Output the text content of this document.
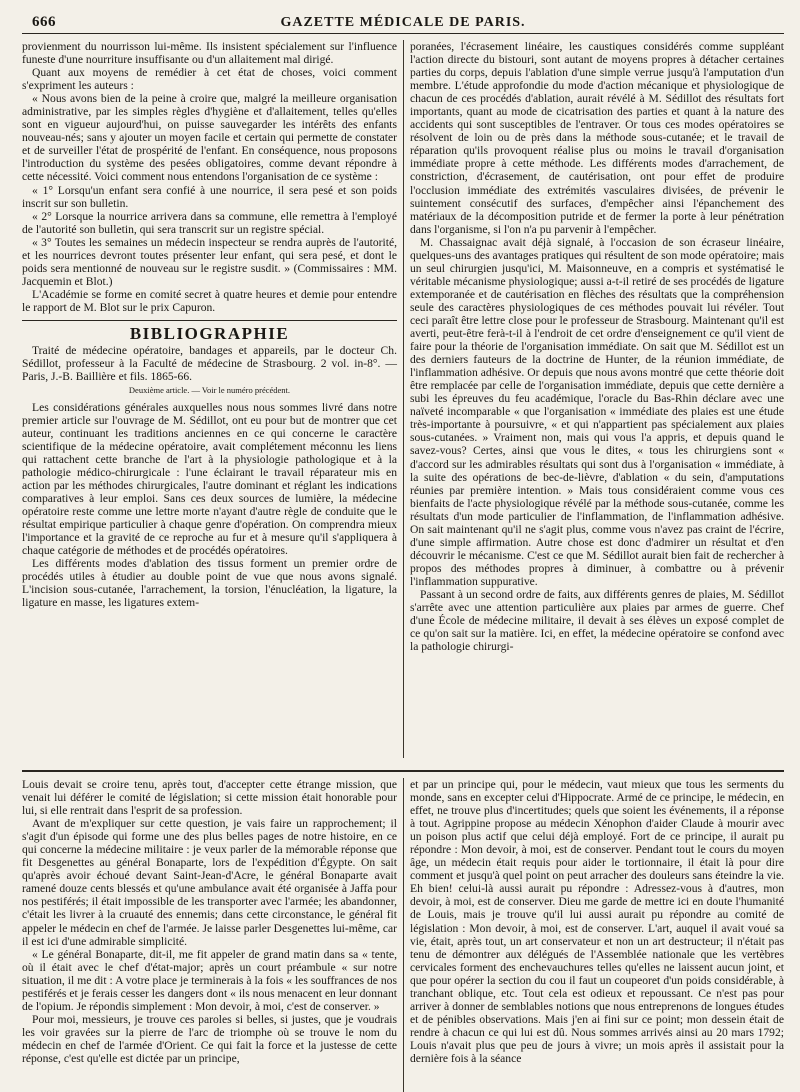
666	GAZETTE MÉDICALE DE PARIS.

provienment du nourrisson lui-même. Ils insistent spécialement sur l'influence funeste d'une nourriture insuffisante ou d'un allaitement mal dirigé.

Quant aux moyens de remédier à cet état de choses, voici comment s'expriment les auteurs :

« Nous avons bien de la peine à croire que, malgré la meilleure organisation administrative, par les simples règles d'hygiène et d'allaitement, telles qu'elles sont en vigueur aujourd'hui, on puisse sauvegarder les intérêts des enfants nouveau-nés; sans y ajouter un moyen facile et certain qui permette de constater et de surveiller l'état de prospérité de l'enfant. En conséquence, nous proposons l'introduction du système des pesées obligatoires, comme devant répondre à cette nécessité. Voici comment nous entendons l'organisation de ce système :

« 1° Lorsqu'un enfant sera confié à une nourrice, il sera pesé et son poids inscrit sur son bulletin.

« 2° Lorsque la nourrice arrivera dans sa commune, elle remettra à l'employé de l'autorité son bulletin, qui sera transcrit sur un registre spécial.

« 3° Toutes les semaines un médecin inspecteur se rendra auprès de l'autorité, et les nourrices devront toutes présenter leur enfant, qui sera pesé, et dont le poids sera mentionné de nouveau sur le registre susdit. » (Commissaires : MM. Jacquemin et Blot.)

L'Académie se forme en comité secret à quatre heures et demie pour entendre le rapport de M. Blot sur le prix Capuron.

BIBLIOGRAPHIE

Traité de médecine opératoire, bandages et appareils, par le docteur Ch. Sédillot, professeur à la Faculté de médecine de Strasbourg. 2 vol. in-8°. — Paris, J.-B. Baillière et fils. 1865-66.

Deuxième article. — Voir le numéro précédent.

Les considérations générales auxquelles nous nous sommes livré dans notre premier article sur l'ouvrage de M. Sédillot, ont eu pour but de montrer que cet auteur, continuant les traditions anciennes en ce qui concerne le caractère scientifique de la médecine opératoire, avait complétement méconnu les liens qui rattachent cette branche de l'art à la physiologie pathologique et à la pathologie médico-chirurgicale : l'une éclairant le travail réparateur mis en action par les méthodes chirurgicales, l'autre dominant et réglant les indications comparatives à leur emploi. Sans ces deux sources de lumière, la médecine opératoire reste comme une lettre morte n'ayant d'autre règle de conduite que le résultat empirique particulier à chaque genre d'opération. On comprendra mieux l'importance et la gravité de ce reproche au fur et à mesure qu'il s'appliquera à chaque catégorie de méthodes et de procédés opératoires.

Les différents modes d'ablation des tissus forment un premier ordre de procédés utiles à étudier au double point de vue que nous avons signalé. L'incision sous-cutanée, l'arrachement, la torsion, l'énucléation, la ligature, la ligature en masse, les ligatures extem-

poranées, l'écrasement linéaire, les caustiques considérés comme suppléant l'action directe du bistouri, sont autant de moyens propres à détacher certaines parties du corps, depuis l'ablation d'une simple verrue jusqu'à l'amputation d'un membre. L'étude approfondie du mode d'action mécanique et physiologique de chacun de ces procédés d'ablation, aurait révélé à M. Sédillot des résultats fort importants, quant au mode de cicatrisation des parties et quant à la nature des accidents qui sont susceptibles de l'entraver. Or tous ces modes opératoires se résolvent de loin ou de près dans la méthode sous-cutanée; et le travail de réparation qu'ils provoquent réalise plus ou moins le travail d'organisation immédiate propre à cette méthode. Les différents modes d'arrachement, de constriction, d'écrasement, de cautérisation, ont pour effet de produire l'occlusion immédiate des extrémités vasculaires divisées, de prévenir le suintement consécutif des surfaces, d'empêcher ainsi l'épanchement des matériaux de la décomposition putride et de fermer la porte à leur pénétration dans l'organisme, si l'on n'a pu parvenir à l'empêcher.

M. Chassaignac avait déjà signalé, à l'occasion de son écraseur linéaire, quelques-uns des avantages pratiques qui résultent de son mode opératoire; mais un seul chirurgien jusqu'ici, M. Maisonneuve, en a compris et systématisé le véritable mécanisme physiologique; aussi a-t-il retiré de ses procédés de ligature extemporanée et de cautérisation en flèches des résultats que la compréhension seule des caractères physiologiques de ces méthodes pouvait lui révéler. Tout ceci paraît être lettre close pour le professeur de Strasbourg. Maintenant qu'il est averti, peut-être ferà-t-il à l'endroit de cet ordre d'enseignement ce qu'il vient de faire pour la théorie de l'organisation immédiate. On sait que M. Sédillot est un des derniers fauteurs de la doctrine de Hunter, de la réunion immédiate, de l'inflammation adhésive. Or depuis que nous avons montré que cette théorie doit être remplacée par celle de l'organisation immédiate, depuis que cette dernière a subi les épreuves du feu académique, l'oracle du Bas-Rhin déclare avec une naïveté incomparable « que l'organisation « immédiate des plaies est une étude très-importante à poursuivre, « et qui n'appartient pas spécialement aux plaies sous-cutanées. » Vraiment non, mais qui vous l'a appris, et depuis quand le savez-vous? Certes, ainsi que vous le dites, « tous les chirurgiens sont « d'accord sur les admirables résultats qui sont dus à l'organisation « immédiate, à la suite des opérations de bec-de-lièvre, d'ablation « du sein, d'amputations réunies par première intention. » Mais tous considéraient comme vous ces bienfaits de l'acte physiologique révélé par la méthode sous-cutanée, comme les résultats d'un mode particulier de l'inflammation, de l'inflammation adhésive. On sait maintenant qu'il ne s'agit plus, comme vous n'avez pas craint de l'écrire, d'une simple affirmation. Autre chose est donc d'admirer un résultat et d'en découvrir le mécanisme. C'est ce que M. Sédillot aurait bien fait de rechercher à propos des méthodes propres à diminuer, à combattre ou à prévenir l'inflammation suppurative.

Passant à un second ordre de faits, aux différents genres de plaies, M. Sédillot s'arrête avec une attention particulière aux plaies par armes de guerre. Chef d'une École de médecine militaire, il devait à ses élèves un exposé complet de ce qu'on sait sur la matière. Ici, en effet, la médecine opératoire se confond avec la pathologie chirurgi-

Louis devait se croire tenu, après tout, d'accepter cette étrange mission, que venait lui déférer le comité de législation; si cette mission était honorable pour lui, si elle rentrait dans l'esprit de sa profession.

Avant de m'expliquer sur cette question, je vais faire un rapprochement; il s'agit d'un épisode qui forme une des plus belles pages de notre histoire, en ce qui concerne la médecine militaire : je veux parler de la mémorable réponse que fit Desgenettes au général Bonaparte, lors de l'expédition d'Égypte. On sait qu'après avoir échoué devant Saint-Jean-d'Acre, le général Bonaparte avait ramené douze cents blessés et qu'une ambulance avait été organisée à Jaffa pour nos pestiférés; il était impossible de les transporter avec l'armée; les abandonner, c'était les livrer à la cruauté des ennemis; dans cette circonstance, le général fit appeler le médecin en chef de l'armée. Je laisse parler Desgenettes lui-même, car il est ici d'une admirable simplicité.

« Le général Bonaparte, dit-il, me fit appeler de grand matin dans sa « tente, où il était avec le chef d'état-major; après un court préambule « sur notre situation, il me dit : A votre place je terminerais à la fois « les souffrances de nos pestiférés et je ferais cesser les dangers dont « ils nous menacent en leur donnant de l'opium. Je répondis simplement : Mon devoir, à moi, c'est de conserver. »

Pour moi, messieurs, je trouve ces paroles si belles, si justes, que je voudrais les voir gravées sur la pierre de l'arc de triomphe où se trouve le nom du médecin en chef de l'armée d'Orient. Ce qui fait la force et la justesse de cette réponse, c'est qu'elle est dictée par un principe,

et par un principe qui, pour le médecin, vaut mieux que tous les serments du monde, sans en excepter celui d'Hippocrate. Armé de ce principe, le médecin, en effet, ne trouve plus d'incertitudes; quels que soient les événements, il a réponse à tout. Agrippine propose au médecin Xénophon d'aider Claude à mourir avec un poison plus actif que celui déjà employé. Fort de ce principe, il aurait pu répondre : Mon devoir, à moi, est de conserver. Pendant tout le cours du moyen âge, un médecin était requis pour aider le tortionnaire, il était là pour dire comment et jusqu'à quel point on peut arracher des douleurs sans éteindre la vie. Eh bien! celui-là aussi aurait pu répondre : Adressez-vous à d'autres, mon devoir, à moi, est de conserver. Dieu me garde de mettre ici en doute l'humanité de Louis, mais je trouve qu'il lui aussi aurait pu répondre au comité de législation : Mon devoir, à moi, est de conserver. L'art, auquel il avait voué sa vie, était, après tout, un art conservateur et non un art destructeur; il n'était pas tenu de démontrer aux délégués de l'Assemblée nationale que les vertèbres cervicales forment des enchevauchures telles qu'elles ne laissent aucun joint, et que pour opérer la section du cou il faut un coupeoret d'un poids considérable, à tranchant oblique, etc. Tout cela est odieux et repoussant. Ce n'est pas pour arriver à donner de semblables notions que nous entreprenons de longues études et de pénibles observations. Mais j'en ai fini sur ce point; mon dessein était de rendre à chacun ce qui lui est dû. Nous sommes arrivés ainsi au 20 mars 1792; Louis n'avait plus que peu de jours à vivre; un mois après il assistait pour la dernière fois à la séance
